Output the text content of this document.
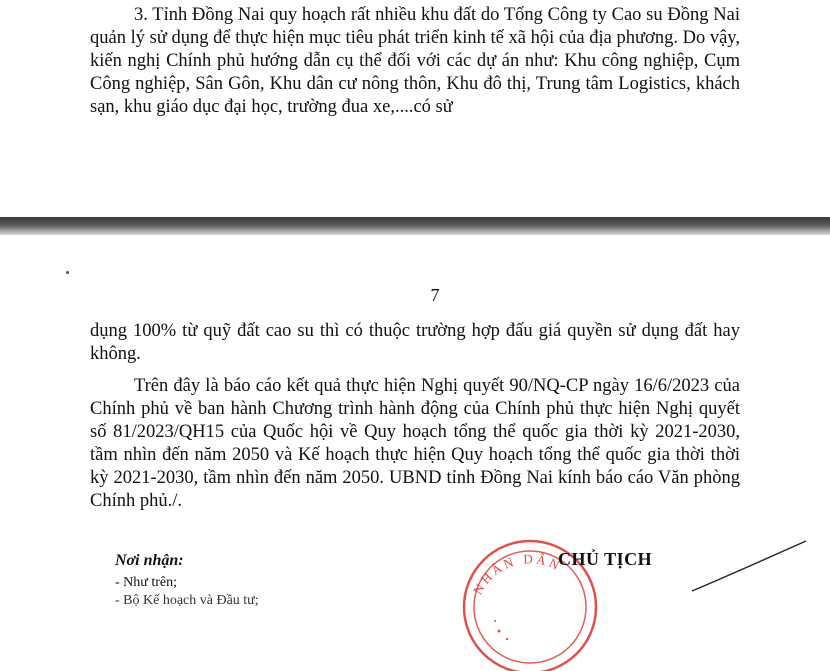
3. Tỉnh Đồng Nai quy hoạch rất nhiều khu đất do Tổng Công ty Cao su Đồng Nai quản lý sử dụng để thực hiện mục tiêu phát triển kinh tế xã hội của địa phương. Do vậy, kiến nghị Chính phủ hướng dẫn cụ thể đối với các dự án như: Khu công nghiệp, Cụm Công nghiệp, Sân Gôn, Khu dân cư nông thôn, Khu đô thị, Trung tâm Logistics, khách sạn, khu giáo dục đại học, trường đua xe,....có sử

7

dụng 100% từ quỹ đất cao su thì có thuộc trường hợp đấu giá quyền sử dụng đất hay không.

Trên đây là báo cáo kết quả thực hiện Nghị quyết 90/NQ-CP ngày 16/6/2023 của Chính phủ về ban hành Chương trình hành động của Chính phủ thực hiện Nghị quyết số 81/2023/QH15 của Quốc hội về Quy hoạch tổng thể quốc gia thời kỳ 2021-2030, tầm nhìn đến năm 2050 và Kế hoạch thực hiện Quy hoạch tổng thể quốc gia thời thời kỳ 2021-2030, tầm nhìn đến năm 2050. UBND tỉnh Đồng Nai kính báo cáo Văn phòng Chính phủ./.

Nơi nhận:

- Như trên;

- Bộ Kế hoạch và Đầu tư;

NHÂN DÂN
CHỦ TỊCH
